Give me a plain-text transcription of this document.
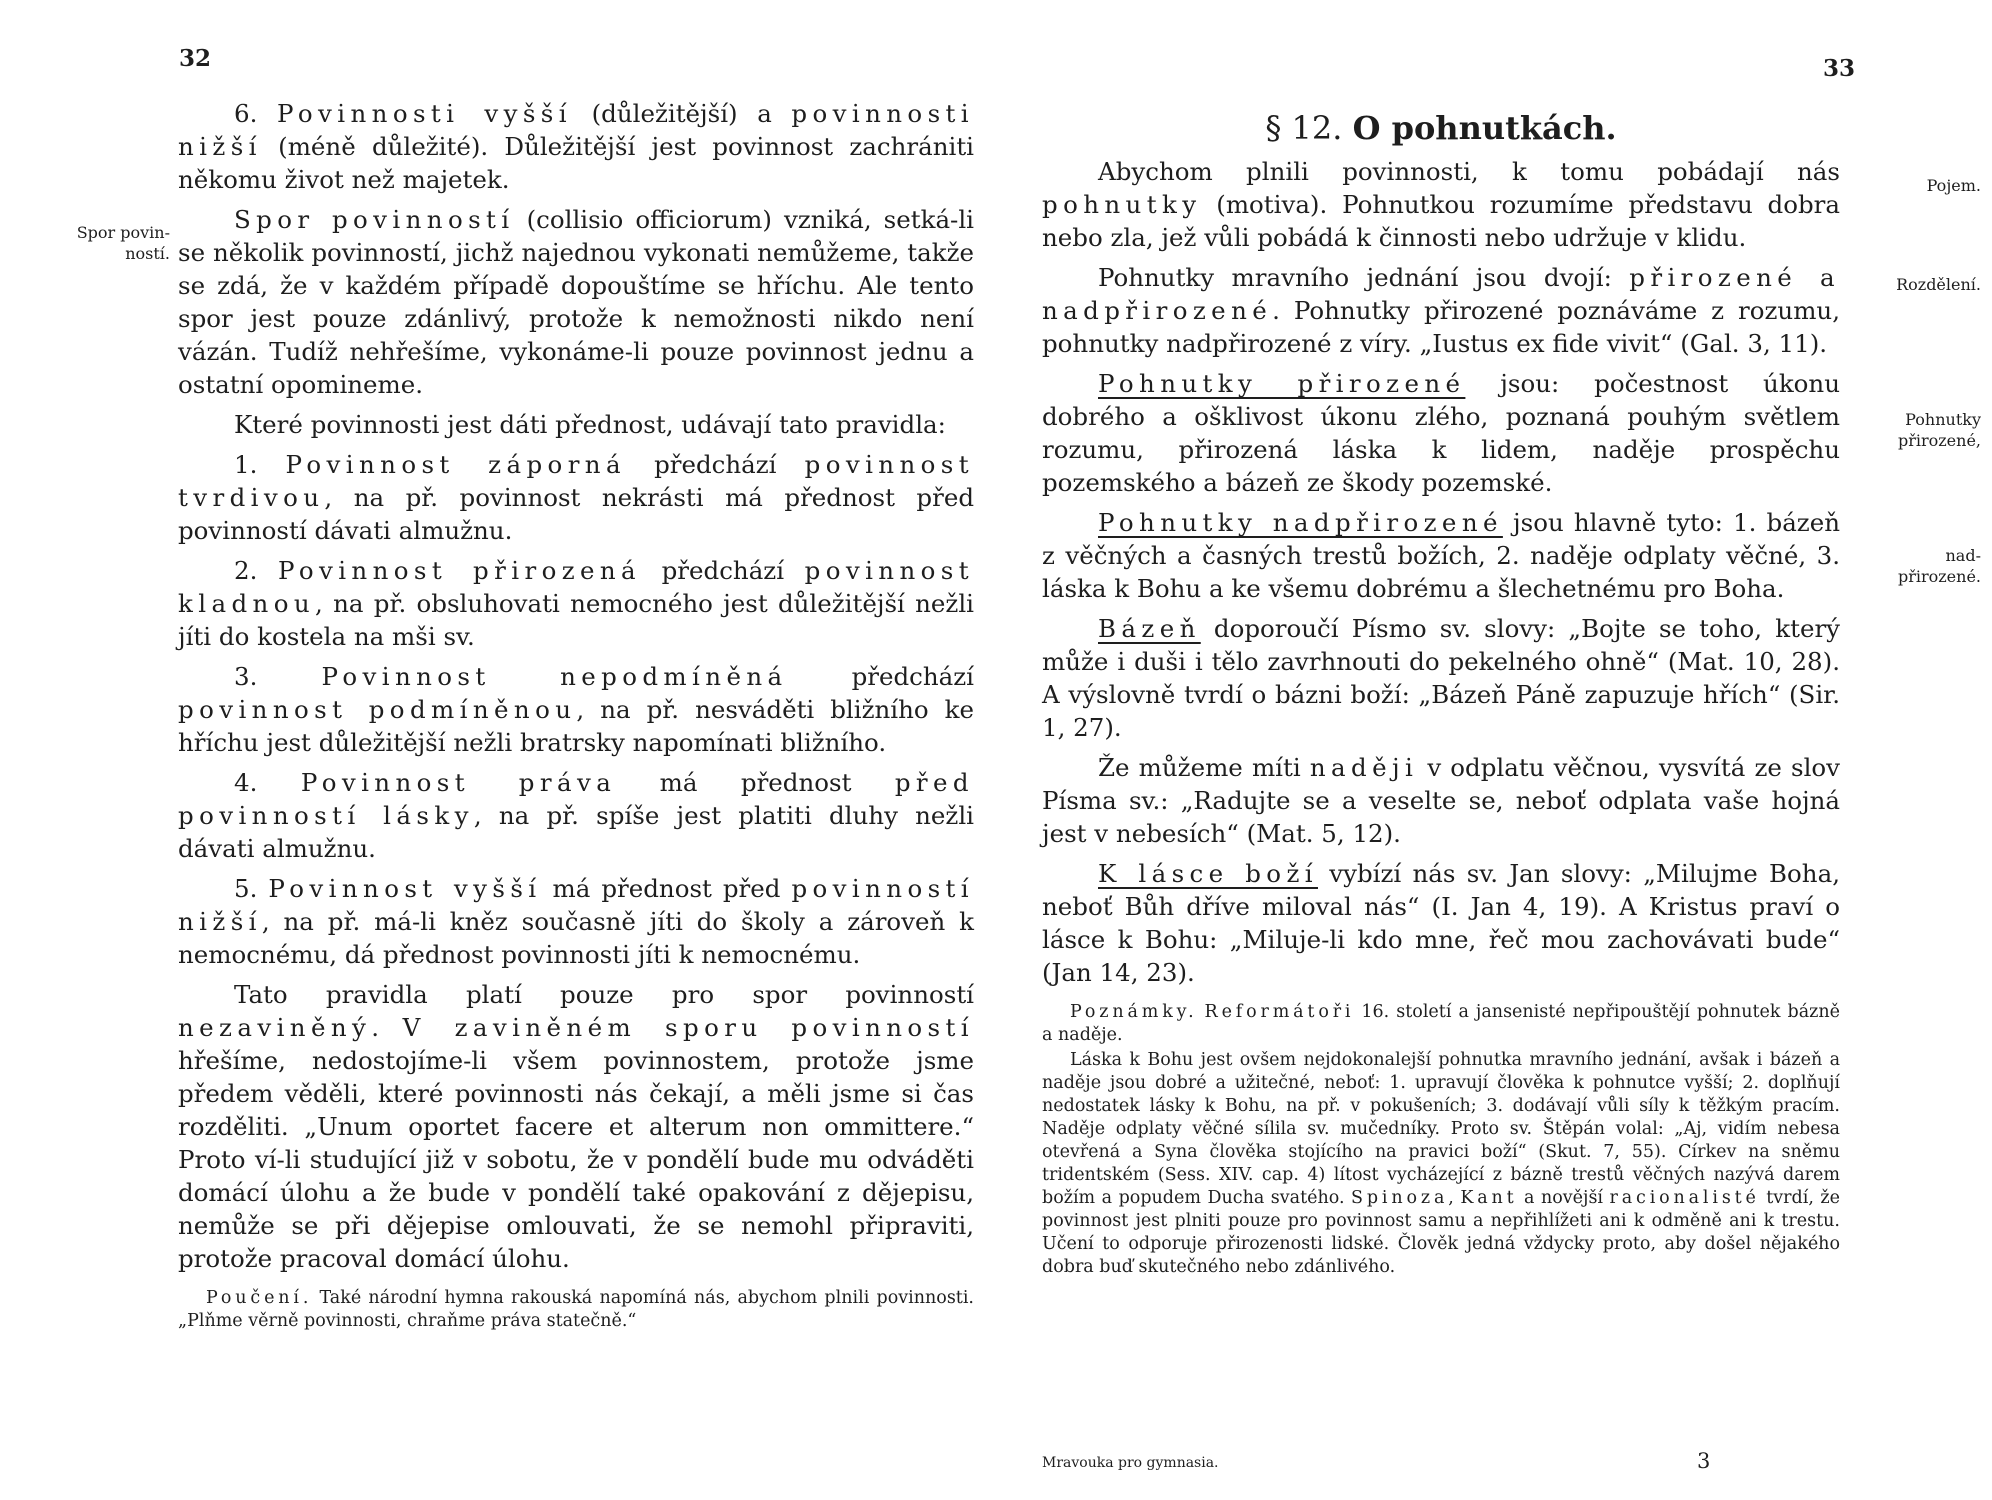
32
Spor povin-
ností.

6. Povinnosti vyšší (důležitější) a povinnosti nižší (méně důležité). Důležitější jest povinnost zachrániti někomu život než majetek.

Spor povinností (collisio officiorum) vzniká, setká-li se několik povinností, jichž najednou vykonati nemůžeme, takže se zdá, že v každém případě dopouštíme se hříchu. Ale tento spor jest pouze zdánlivý, protože k nemožnosti nikdo není vázán. Tudíž nehřešíme, vykonáme-li pouze povinnost jednu a ostatní opomineme.

Které povinnosti jest dáti přednost, udávají tato pravidla:

1. Povinnost záporná předchází povinnost tvrdivou, na př. povinnost nekrásti má přednost před povinností dávati almužnu.

2. Povinnost přirozená předchází povinnost kladnou, na př. obsluhovati nemocného jest důležitější nežli jíti do kostela na mši sv.

3.	Povinnost nepodmíněná předchází povinnost podmíněnou, na př. nesváděti bližního ke hříchu jest důležitější nežli bratrsky napomínati bližního.

4. Povinnost práva má přednost před povinností lásky, na př. spíše jest platiti dluhy nežli dávati almužnu.

5. Povinnost vyšší má přednost před povinností nižší, na př. má-li kněz současně jíti do školy a zároveň k nemocnému, dá přednost povinnosti jíti k nemocnému.

Tato pravidla platí pouze pro spor povinností nezaviněný. V zaviněném sporu povinností hřešíme, nedostojíme-li všem povinnostem, protože jsme předem věděli, které povinnosti nás čekají, a měli jsme si čas rozděliti. „Unum oportet facere et alterum non ommittere.“ Proto ví-li studující již v sobotu, že v pondělí bude mu odváděti domácí úlohu a že bude v pondělí také opakování z dějepisu, nemůže se při dějepise omlouvati, že se nemohl připraviti, protože pracoval domácí úlohu.

Poučení. Také národní hymna rakouská napomíná nás, abychom plnili povinnosti. „Plňme věrně povinnosti, chraňme práva statečně.“

33
Pojem.
Rozdělení.
Pohnutky
přirozené,
nad-
přirozené.
§ 12. O pohnutkách.

Abychom plnili povinnosti, k tomu pobádají nás pohnutky (motiva). Pohnutkou rozumíme představu dobra nebo zla, jež vůli pobádá k činnosti nebo udržuje v klidu.

Pohnutky mravního jednání jsou dvojí: přirozené a nadpřirozené. Pohnutky přirozené poznáváme z rozumu, pohnutky nadpřirozené z víry. „Iustus ex fide vivit“ (Gal. 3, 11).

Pohnutky přirozené jsou: počestnost úkonu dobrého a ošklivost úkonu zlého, poznaná pouhým světlem rozumu, přirozená láska k lidem, naděje prospěchu pozemského a bázeň ze škody pozemské.

Pohnutky nadpřirozené jsou hlavně tyto: 1. bázeň z věčných a časných trestů božích, 2. naděje odplaty věčné, 3. láska k Bohu a ke všemu dobrému a šlechetnému pro Boha.

Bázeň doporoučí Písmo sv. slovy: „Bojte se toho, který může i duši i tělo zavrhnouti do pekelného ohně“ (Mat. 10, 28). A výslovně tvrdí o bázni boží: „Bázeň Páně zapuzuje hřích“ (Sir. 1, 27).

Že můžeme míti naději v odplatu věčnou, vysvítá ze slov Písma sv.: „Radujte se a veselte se, neboť odplata vaše hojná jest v nebesích“ (Mat. 5, 12).

K lásce boží vybízí nás sv. Jan slovy: „Milujme Boha, neboť Bůh dříve miloval nás“ (I. Jan 4, 19). A Kristus praví o lásce k Bohu: „Miluje-li kdo mne, řeč mou zachovávati bude“ (Jan 14, 23).

Poznámky. Reformátoři 16. století a jansenisté nepřipouštějí pohnutek bázně a naděje.

Láska k Bohu jest ovšem nejdokonalejší pohnutka mravního jednání, avšak i bázeň a naděje jsou dobré a užitečné, neboť: 1. upravují člověka k pohnutce vyšší; 2. doplňují nedostatek lásky k Bohu, na př. v pokušeních; 3. dodávají vůli síly k těžkým pracím. Naděje odplaty věčné sílila sv. mučedníky. Proto sv. Štěpán volal: „Aj, vidím nebesa otevřená a Syna člověka stojícího na pravici boží“ (Skut. 7, 55). Církev na sněmu tridentském (Sess. XIV. cap. 4) lítost vycházející z bázně trestů věčných nazývá darem božím a popudem Ducha svatého. Spinoza, Kant a novější racionalisté tvrdí, že povinnost jest plniti pouze pro povinnost samu a nepřihlížeti ani k odměně ani k trestu. Učení to odporuje přirozenosti lidské. Člověk jedná vždycky proto, aby došel nějakého dobra buď skutečného nebo zdánlivého.

Mravouka pro gymnasia.	3
